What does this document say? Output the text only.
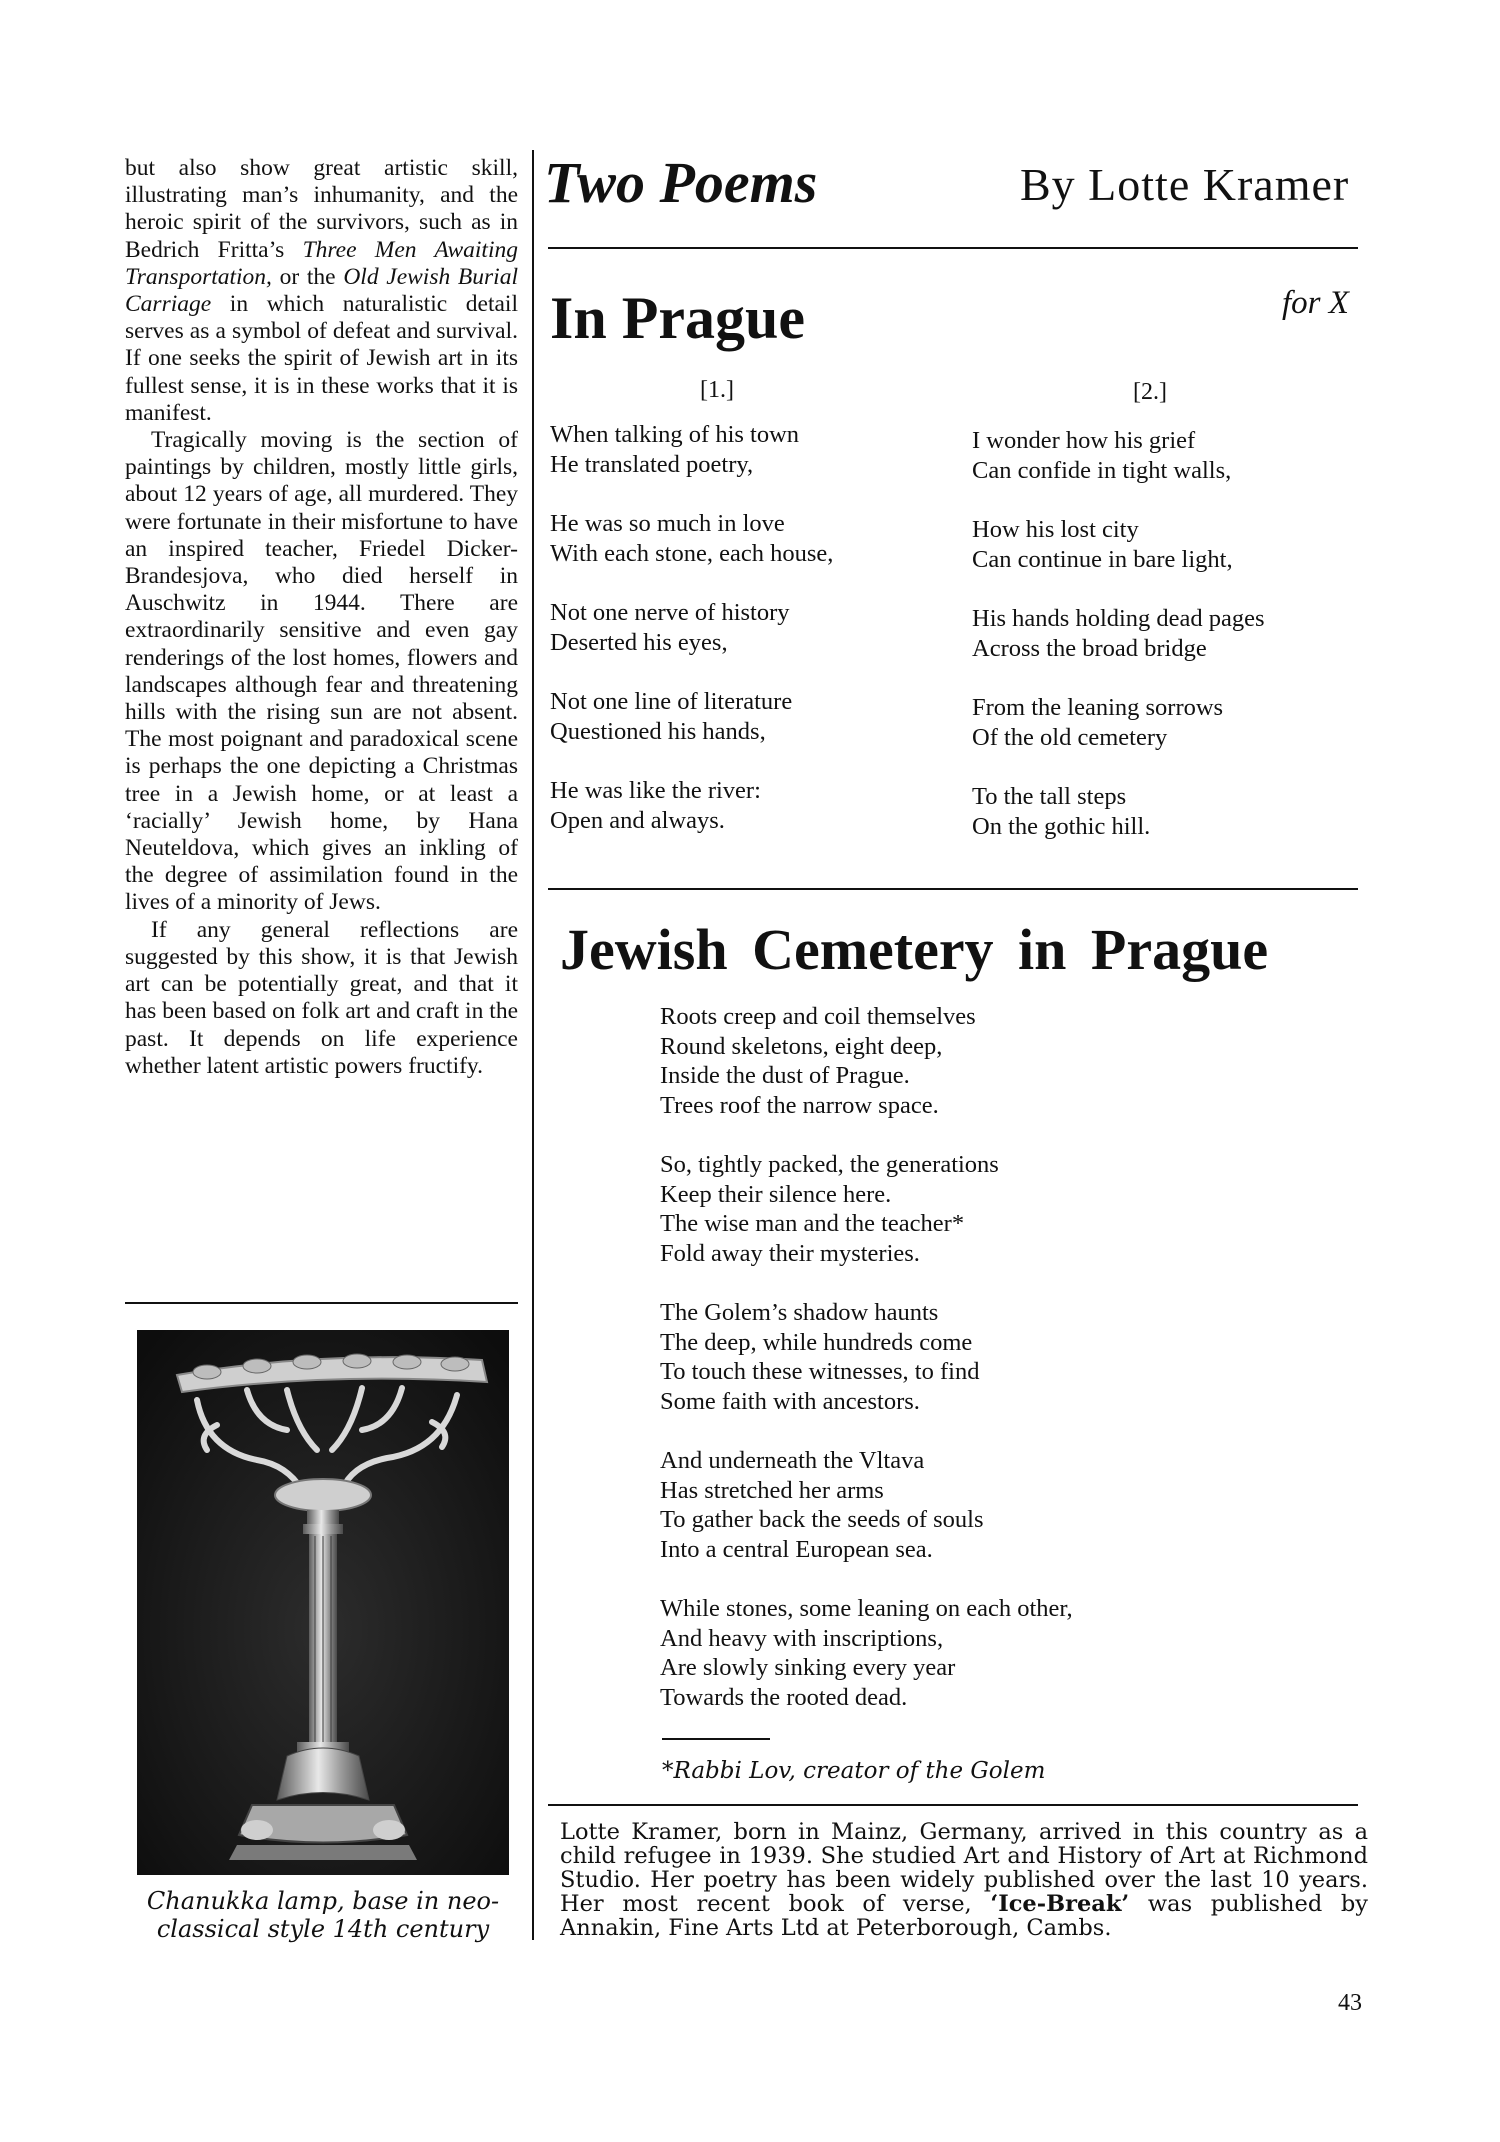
but also show great artistic skill, illustrating man’s inhumanity, and the heroic spirit of the survivors, such as in Bedrich Fritta’s Three Men Awaiting Transportation, or the Old Jewish Burial Carriage in which naturalistic detail serves as a symbol of defeat and survival. If one seeks the spirit of Jewish art in its fullest sense, it is in these works that it is manifest.

Tragically moving is the section of paintings by children, mostly little girls, about 12 years of age, all murdered. They were fortunate in their misfortune to have an inspired teacher, Friedel Dicker-Brandesjova, who died herself in Auschwitz in 1944. There are extraordinarily sensitive and even gay renderings of the lost homes, flowers and landscapes although fear and threatening hills with the rising sun are not absent. The most poignant and paradoxical scene is perhaps the one depicting a Christmas tree in a Jewish home, or at least a ‘racially’ Jewish home, by Hana Neuteldova, which gives an inkling of the degree of assimilation found in the lives of a minority of Jews.

If any general reflections are suggested by this show, it is that Jewish art can be potentially great, and that it has been based on folk art and craft in the past. It depends on life experience whether latent artistic powers fructify.

Chanukka lamp, base in neo-classical style 14th century
Two Poems	By Lotte Kramer
In Prague	for X
[1.]
When talking of his town
He translated poetry,
He was so much in love
With each stone, each house,
Not one nerve of history
Deserted his eyes,
Not one line of literature
Questioned his hands,
He was like the river:
Open and always.
[2.]
I wonder how his grief
Can confide in tight walls,
How his lost city
Can continue in bare light,
His hands holding dead pages
Across the broad bridge
From the leaning sorrows
Of the old cemetery
To the tall steps
On the gothic hill.
Jewish Cemetery in Prague
Roots creep and coil themselves
Round skeletons, eight deep,
Inside the dust of Prague.
Trees roof the narrow space.
So, tightly packed, the generations
Keep their silence here.
The wise man and the teacher*
Fold away their mysteries.
The Golem’s shadow haunts
The deep, while hundreds come
To touch these witnesses, to find
Some faith with ancestors.
And underneath the Vltava
Has stretched her arms
To gather back the seeds of souls
Into a central European sea.
While stones, some leaning on each other,
And heavy with inscriptions,
Are slowly sinking every year
Towards the rooted dead.
*Rabbi Lov, creator of the Golem
Lotte Kramer, born in Mainz, Germany, arrived in this country as a child refugee in 1939. She studied Art and History of Art at Richmond Studio. Her poetry has been widely published over the last 10 years. Her most recent book of verse, ‘Ice-Break’ was published by Annakin, Fine Arts Ltd at Peterborough, Cambs.
43
